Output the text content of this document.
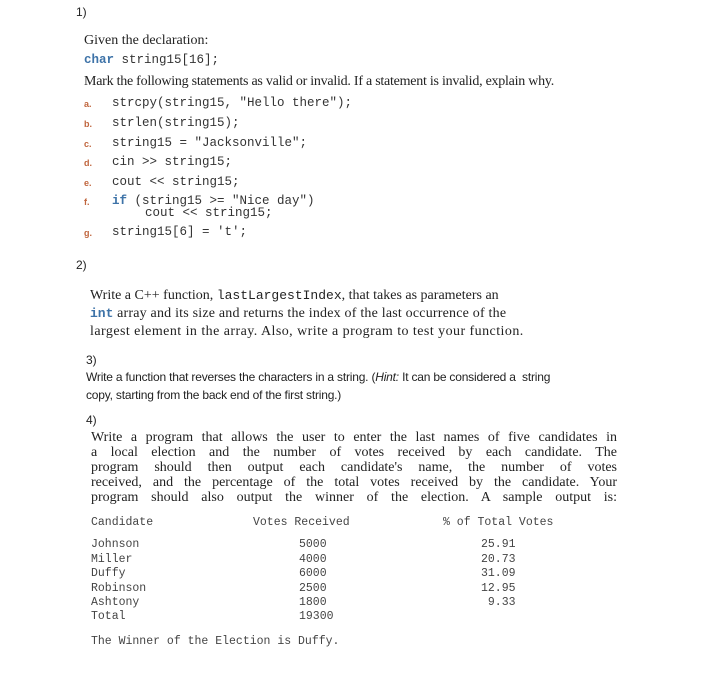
1)
Given the declaration:
char string15[16];
Mark the following statements as valid or invalid. If a statement is invalid, explain why.
a. strcpy(string15, "Hello there");
b. strlen(string15);
c. string15 = "Jacksonville";
d. cin >> string15;
e. cout << string15;
f. if (string15 >= "Nice day")
cout << string15;
g. string15[6] = 't';
2)
Write a C++ function, lastLargestIndex, that takes as parameters an
int array and its size and returns the index of the last occurrence of the
largest element in the array. Also, write a program to test your function.
3)
Write a function that reverses the characters in a string. (Hint: It can be considered a  string
copy, starting from the back end of the first string.)
4)
Write a program that allows the user to enter the last names of five candidates in
a local election and the number of votes received by each candidate. The
program should then output each candidate's name, the number of votes
received, and the percentage of the total votes received by the candidate. Your
program should also output the winner of the election. A sample output is:
Candidate	Votes Received	% of Total Votes
Johnson	5000	25.91
Miller	4000	20.73
Duffy	6000	31.09
Robinson	2500	12.95
Ashtony	1800	9.33
Total	19300
The Winner of the Election is Duffy.
